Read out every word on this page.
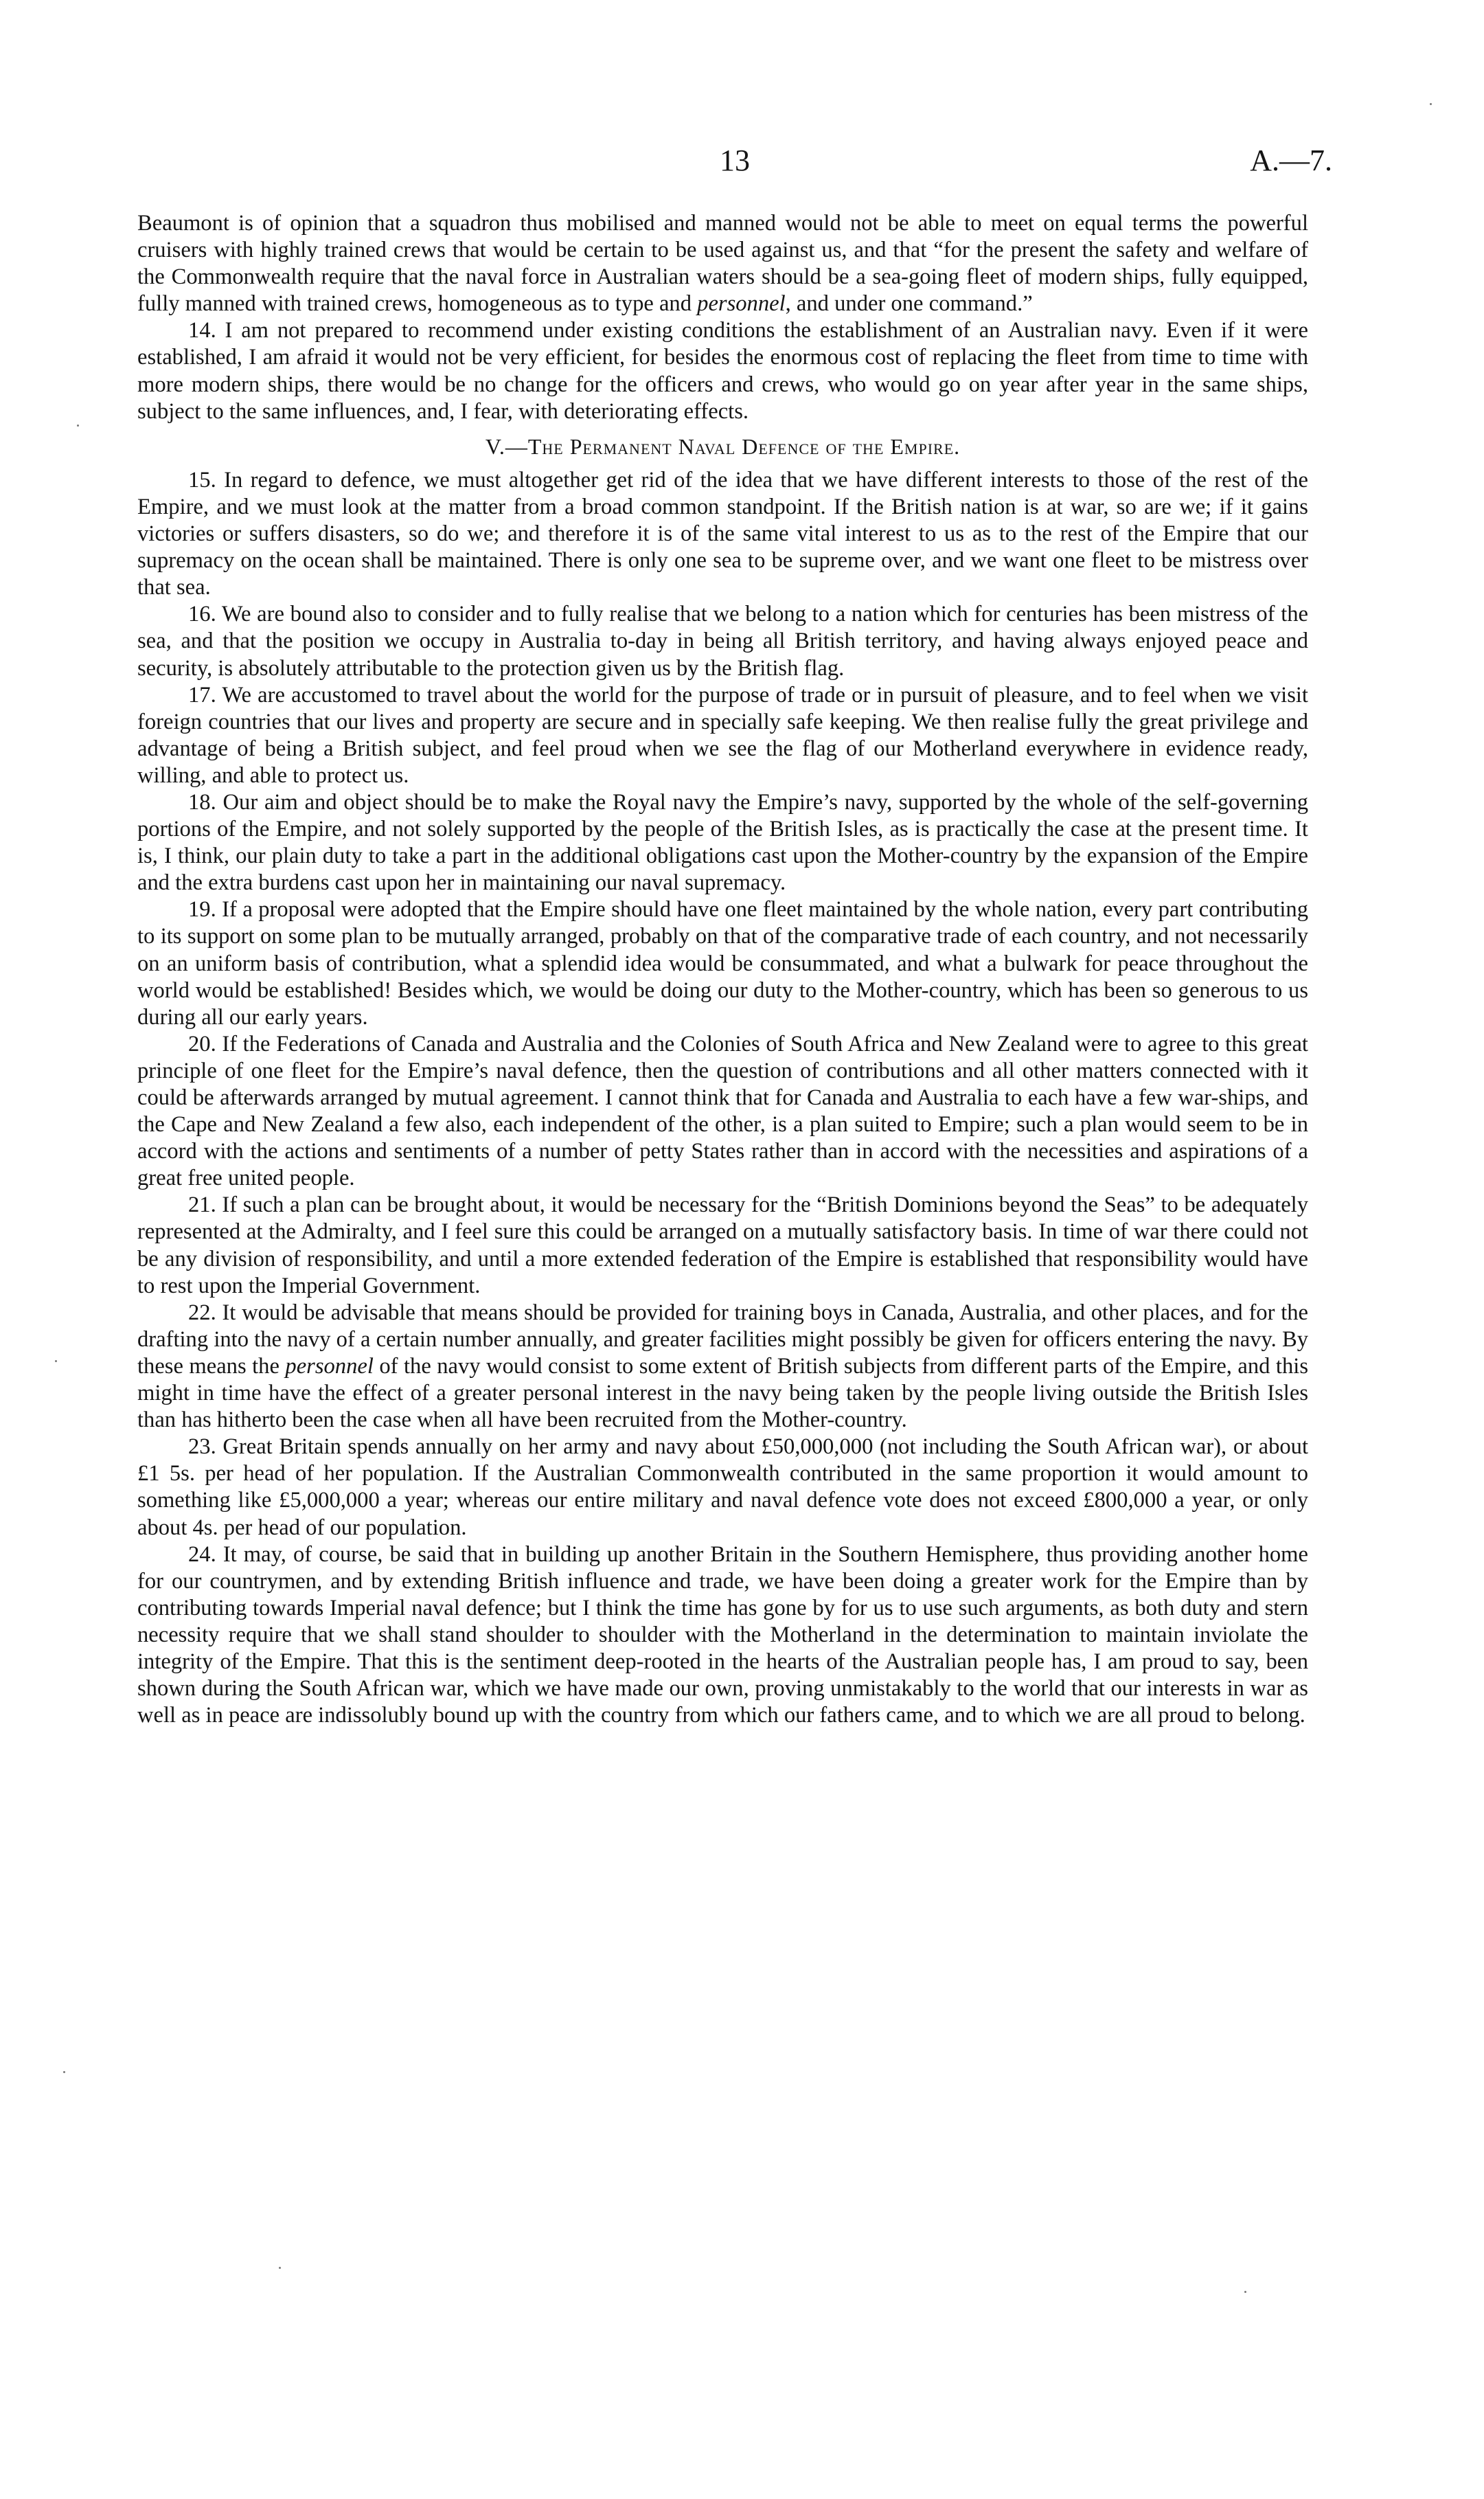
13	A.—7.

Beaumont is of opinion that a squadron thus mobilised and manned would not be able to meet on equal terms the powerful cruisers with highly trained crews that would be certain to be used against us, and that “for the present the safety and welfare of the Commonwealth require that the naval force in Australian waters should be a sea-going fleet of modern ships, fully equipped, fully manned with trained crews, homogeneous as to type and personnel, and under one command.”

14. I am not prepared to recommend under existing conditions the establishment of an Australian navy. Even if it were established, I am afraid it would not be very efficient, for besides the enormous cost of replacing the fleet from time to time with more modern ships, there would be no change for the officers and crews, who would go on year after year in the same ships, subject to the same influences, and, I fear, with deteriorating effects.

V.—The Permanent Naval Defence of the Empire.

15. In regard to defence, we must altogether get rid of the idea that we have different interests to those of the rest of the Empire, and we must look at the matter from a broad common standpoint. If the British nation is at war, so are we; if it gains victories or suffers disasters, so do we; and therefore it is of the same vital interest to us as to the rest of the Empire that our supremacy on the ocean shall be maintained. There is only one sea to be supreme over, and we want one fleet to be mistress over that sea.

16. We are bound also to consider and to fully realise that we belong to a nation which for centuries has been mistress of the sea, and that the position we occupy in Australia to-day in being all British territory, and having always enjoyed peace and security, is absolutely attributable to the protection given us by the British flag.

17. We are accustomed to travel about the world for the purpose of trade or in pursuit of pleasure, and to feel when we visit foreign countries that our lives and property are secure and in specially safe keeping. We then realise fully the great privilege and advantage of being a British subject, and feel proud when we see the flag of our Motherland everywhere in evidence ready, willing, and able to protect us.

18. Our aim and object should be to make the Royal navy the Empire’s navy, supported by the whole of the self-governing portions of the Empire, and not solely supported by the people of the British Isles, as is practically the case at the present time. It is, I think, our plain duty to take a part in the additional obligations cast upon the Mother-country by the expansion of the Empire and the extra burdens cast upon her in maintaining our naval supremacy.

19. If a proposal were adopted that the Empire should have one fleet maintained by the whole nation, every part contributing to its support on some plan to be mutually arranged, probably on that of the comparative trade of each country, and not necessarily on an uniform basis of contribution, what a splendid idea would be consummated, and what a bulwark for peace throughout the world would be established! Besides which, we would be doing our duty to the Mother-country, which has been so generous to us during all our early years.

20. If the Federations of Canada and Australia and the Colonies of South Africa and New Zealand were to agree to this great principle of one fleet for the Empire’s naval defence, then the question of contributions and all other matters connected with it could be afterwards arranged by mutual agreement. I cannot think that for Canada and Australia to each have a few war-ships, and the Cape and New Zealand a few also, each independent of the other, is a plan suited to Empire; such a plan would seem to be in accord with the actions and sentiments of a number of petty States rather than in accord with the necessities and aspirations of a great free united people.

21. If such a plan can be brought about, it would be necessary for the “British Dominions beyond the Seas” to be adequately represented at the Admiralty, and I feel sure this could be arranged on a mutually satisfactory basis. In time of war there could not be any division of responsibility, and until a more extended federation of the Empire is established that responsibility would have to rest upon the Imperial Government.

22. It would be advisable that means should be provided for training boys in Canada, Australia, and other places, and for the drafting into the navy of a certain number annually, and greater facilities might possibly be given for officers entering the navy. By these means the personnel of the navy would consist to some extent of British subjects from different parts of the Empire, and this might in time have the effect of a greater personal interest in the navy being taken by the people living outside the British Isles than has hitherto been the case when all have been recruited from the Mother-country.

23. Great Britain spends annually on her army and navy about £50,000,000 (not including the South African war), or about £1 5s. per head of her population. If the Australian Commonwealth contributed in the same proportion it would amount to something like £5,000,000 a year; whereas our entire military and naval defence vote does not exceed £800,000 a year, or only about 4s. per head of our population.

24. It may, of course, be said that in building up another Britain in the Southern Hemisphere, thus providing another home for our countrymen, and by extending British influence and trade, we have been doing a greater work for the Empire than by contributing towards Imperial naval defence; but I think the time has gone by for us to use such arguments, as both duty and stern necessity require that we shall stand shoulder to shoulder with the Motherland in the determination to maintain inviolate the integrity of the Empire. That this is the sentiment deep-rooted in the hearts of the Australian people has, I am proud to say, been shown during the South African war, which we have made our own, proving unmistakably to the world that our interests in war as well as in peace are indissolubly bound up with the country from which our fathers came, and to which we are all proud to belong.
